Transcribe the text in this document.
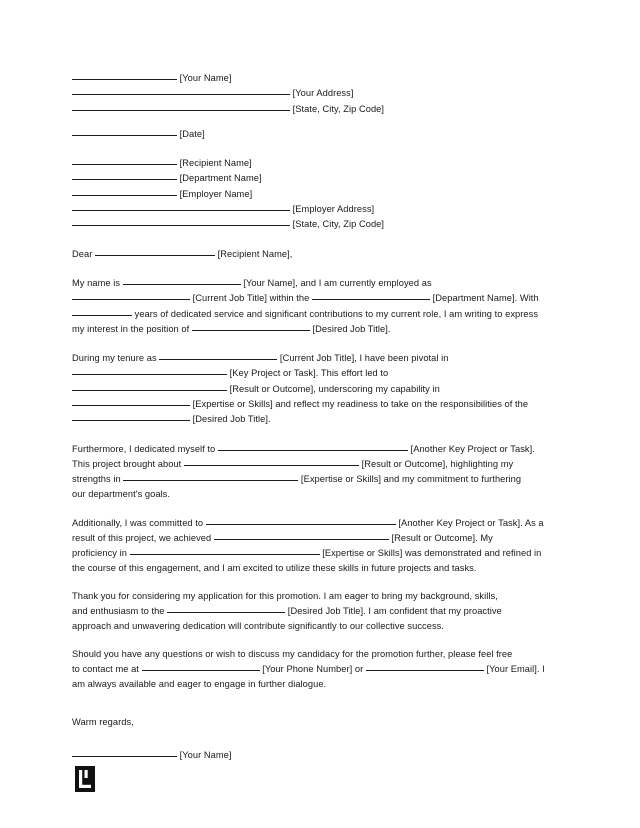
[Your Name]
[Your Address]
[State, City, Zip Code]
[Date]
[Recipient Name]
[Department Name]
[Employer Name]
[Employer Address]
[State, City, Zip Code]
Dear	[Recipient Name],
My name is	[Your Name], and I am currently employed as
[Current Job Title] within the	[Department Name]. With
years of dedicated service and significant contributions to my current role, I am writing to express
my interest in the position of	[Desired Job Title].
During my tenure as	[Current Job Title], I have been pivotal in
[Key Project or Task]. This effort led to
[Result or Outcome], underscoring my capability in
[Expertise or Skills] and reflect my readiness to take on the responsibilities of the
[Desired Job Title].
Furthermore, I dedicated myself to	[Another Key Project or Task].
This project brought about	[Result or Outcome], highlighting my
strengths in	[Expertise or Skills] and my commitment to furthering
our department's goals.
Additionally, I was committed to	[Another Key Project or Task]. As a
result of this project, we achieved	[Result or Outcome]. My
proficiency in	[Expertise or Skills] was demonstrated and refined in
the course of this engagement, and I am excited to utilize these skills in future projects and tasks.
Thank you for considering my application for this promotion. I am eager to bring my background, skills,
and enthusiasm to the	[Desired Job Title]. I am confident that my proactive
approach and unwavering dedication will contribute significantly to our collective success.
Should you have any questions or wish to discuss my candidacy for the promotion further, please feel free
to contact me at	[Your Phone Number] or	[Your Email]. I
am always available and eager to engage in further dialogue.
Warm regards,
[Your Name]
